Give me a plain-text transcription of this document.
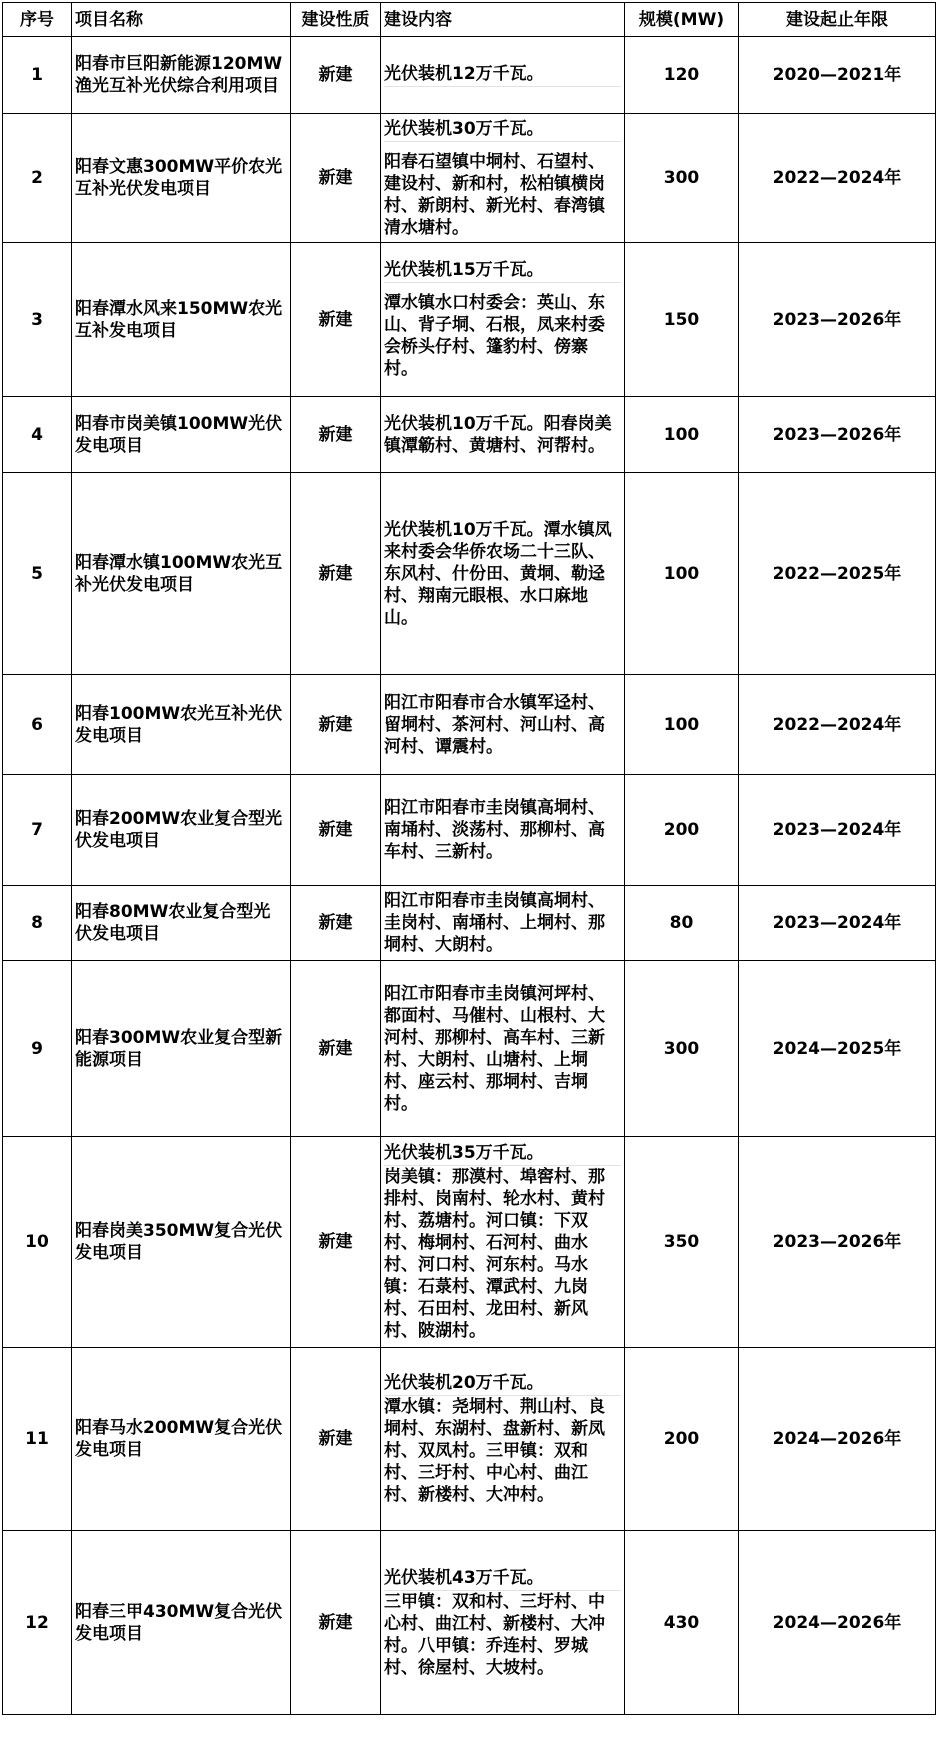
序号	项目名称	建设性质	建设内容	规模(MW)	建设起止年限
1	阳春市巨阳新能源120MW渔光互补光伏综合利用项目	新建	光伏装机12万千瓦。	120	2020—2021年
2	阳春文惠300MW平价农光互补光伏发电项目	新建	光伏装机30万千瓦。
阳春石望镇中垌村、石望村、建设村、新和村，松柏镇横岗村、新朗村、新光村、春湾镇清水塘村。	300	2022—2024年
3	阳春潭水风来150MW农光互补发电项目	新建	光伏装机15万千瓦。
潭水镇水口村委会：英山、东山、背子垌、石根，凤来村委会桥头仔村、篷豹村、傍寨村。	150	2023—2026年
4	阳春市岗美镇100MW光伏发电项目	新建	光伏装机10万千瓦。阳春岗美镇潭簕村、黄塘村、河帮村。	100	2023—2026年
5	阳春潭水镇100MW农光互补光伏发电项目	新建	光伏装机10万千瓦。潭水镇凤来村委会华侨农场二十三队、东风村、什份田、黄垌、勒迳村、翔南元眼根、水口麻地山。	100	2022—2025年
6	阳春100MW农光互补光伏发电项目	新建	阳江市阳春市合水镇军迳村、留垌村、茶河村、河山村、高河村、谭震村。	100	2022—2024年
7	阳春200MW农业复合型光伏发电项目	新建	阳江市阳春市圭岗镇高垌村、南埇村、淡荡村、那柳村、高车村、三新村。	200	2023—2024年
8	阳春80MW农业复合型光伏发电项目	新建	阳江市阳春市圭岗镇高垌村、圭岗村、南埇村、上垌村、那垌村、大朗村。	80	2023—2024年
9	阳春300MW农业复合型新能源项目	新建	阳江市阳春市圭岗镇河坪村、都面村、马催村、山根村、大河村、那柳村、高车村、三新村、大朗村、山塘村、上垌村、座云村、那垌村、吉垌村。	300	2024—2025年
10	阳春岗美350MW复合光伏发电项目	新建	光伏装机35万千瓦。
岗美镇：那漠村、埠窖村、那排村、岗南村、轮水村、黄村村、荔塘村。河口镇：下双村、梅垌村、石河村、曲水村、河口村、河东村。马水镇：石菉村、潭武村、九岗村、石田村、龙田村、新风村、陂湖村。	350	2023—2026年
11	阳春马水200MW复合光伏发电项目	新建	光伏装机20万千瓦。
潭水镇：尧垌村、荆山村、良垌村、东湖村、盘新村、新凤村、双凤村。三甲镇：双和村、三圩村、中心村、曲江村、新楼村、大冲村。	200	2024—2026年
12	阳春三甲430MW复合光伏发电项目	新建	光伏装机43万千瓦。
三甲镇：双和村、三圩村、中心村、曲江村、新楼村、大冲村。八甲镇：乔连村、罗城村、徐屋村、大坡村。	430	2024—2026年
